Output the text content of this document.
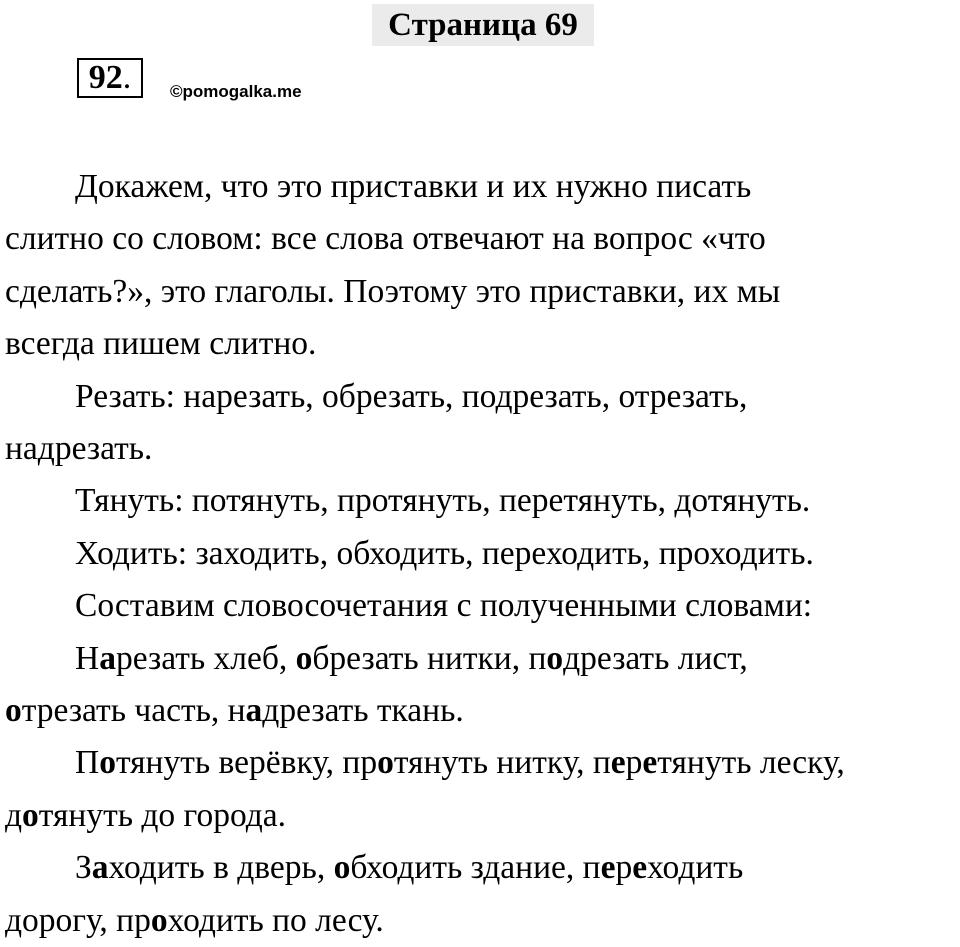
Страница 69
92.	©pomogalka.me

Докажем, что это приставки и их нужно писать
слитно со словом: все слова отвечают на вопрос «что
сделать?», это глаголы. Поэтому это приставки, их мы
всегда пишем слитно.

Резать: нарезать, обрезать, подрезать, отрезать,
надрезать.

Тянуть: потянуть, протянуть, перетянуть, дотянуть.

Ходить: заходить, обходить, переходить, проходить.

Составим словосочетания с полученными словами:

Нарезать хлеб, обрезать нитки, подрезать лист,
отрезать часть, надрезать ткань.

Потянуть верёвку, протянуть нитку, перетянуть леску,
дотянуть до города.

Заходить в дверь, обходить здание, переходить
дорогу, проходить по лесу.
